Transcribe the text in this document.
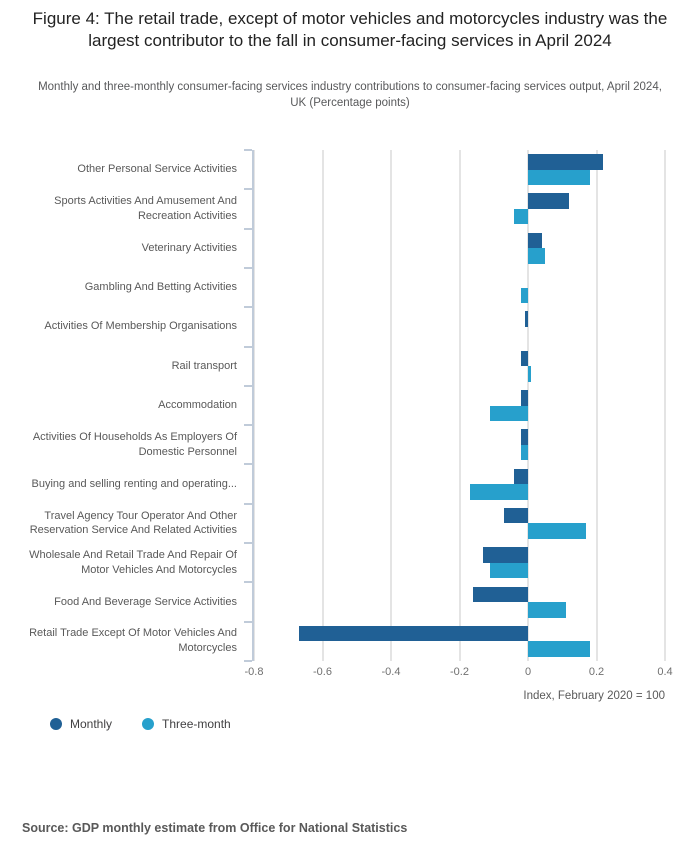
Figure 4: The retail trade, except of motor vehicles and motorcycles industry was the largest contributor to the fall in consumer-facing services in April 2024

Monthly and three-monthly consumer-facing services industry contributions to consumer-facing services output, April 2024, UK (Percentage points)

Other Personal Service Activities
Sports Activities And Amusement And Recreation Activities
Veterinary Activities
Gambling And Betting Activities
Activities Of Membership Organisations
Rail transport
Accommodation
Activities Of Households As Employers Of Domestic Personnel
Buying and selling renting and operating...
Travel Agency Tour Operator And Other Reservation Service And Related Activities
Wholesale And Retail Trade And Repair Of Motor Vehicles And Motorcycles
Food And Beverage Service Activities
Retail Trade Except Of Motor Vehicles And Motorcycles
-0.8	-0.6	-0.4	-0.2	0	0.2	0.4
Index, February 2020 = 100
Monthly	Three-month

Source: GDP monthly estimate from Office for National Statistics
